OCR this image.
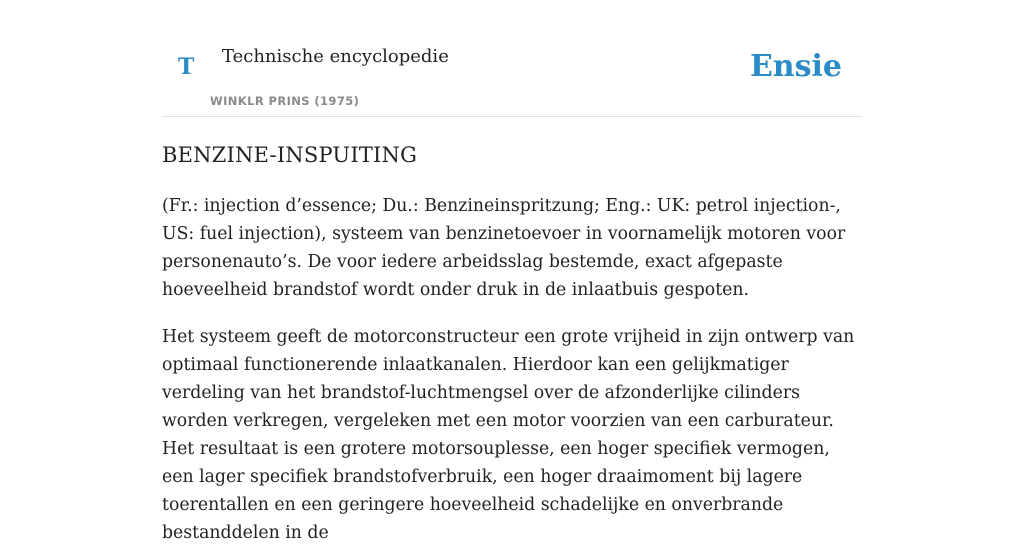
T Technische encyclopedie
WINKLR PRINS (1975)
Ensie
BENZINE-INSPUITING

(Fr.: injection d’essence; Du.: Benzineinspritzung; Eng.: UK: petrol injection-, US: fuel injection), systeem van benzinetoevoer in voornamelijk motoren voor personenauto’s. De voor iedere arbeidsslag bestemde, exact afgepaste hoeveelheid brandstof wordt onder druk in de inlaatbuis gespoten.

Het systeem geeft de motorconstructeur een grote vrijheid in zijn ontwerp van optimaal functionerende inlaatkanalen. Hierdoor kan een gelijkmatiger verdeling van het brandstof-luchtmengsel over de afzonderlijke cilinders worden verkregen, vergeleken met een motor voorzien van een carburateur. Het resultaat is een grotere motorsouplesse, een hoger specifiek vermogen, een lager specifiek brandstofverbruik, een hoger draaimoment bij lagere toerentallen en een geringere hoeveelheid schadelijke en onverbrande bestanddelen in de
